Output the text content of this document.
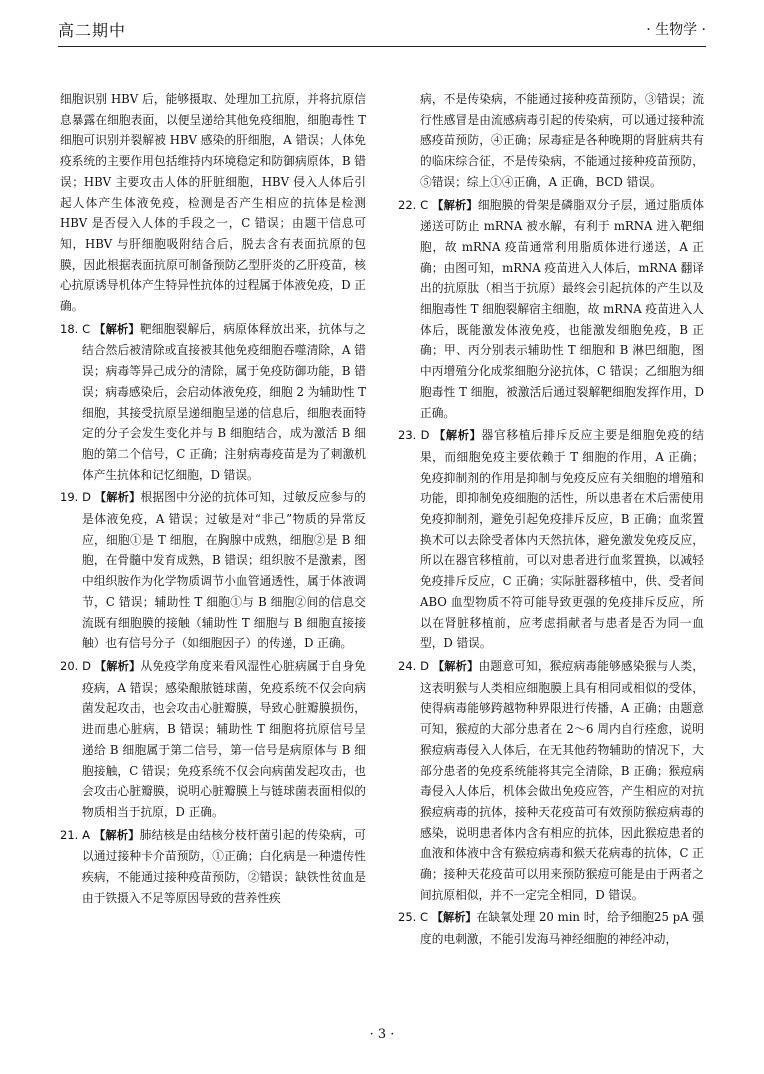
高二期中	· 生物学 ·

细胞识别 HBV 后，能够摄取、处理加工抗原，并将抗原信息暴露在细胞表面，以便呈递给其他免疫细胞，细胞毒性 T 细胞可识别并裂解被 HBV 感染的肝细胞，A 错误；人体免疫系统的主要作用包括维持内环境稳定和防御病原体，B 错误；HBV 主要攻击人体的肝脏细胞，HBV 侵入人体后引起人体产生体液免疫，检测是否产生相应的抗体是检测 HBV 是否侵入人体的手段之一，C 错误；由题干信息可知，HBV 与肝细胞吸附结合后，脱去含有表面抗原的包膜，因此根据表面抗原可制备预防乙型肝炎的乙肝疫苗，核心抗原诱导机体产生特异性抗体的过程属于体液免疫，D 正确。

18. C 【解析】靶细胞裂解后，病原体释放出来，抗体与之结合然后被清除或直接被其他免疫细胞吞噬清除，A 错误；病毒等异己成分的清除，属于免疫防御功能，B 错误；病毒感染后，会启动体液免疫，细胞 2 为辅助性 T 细胞，其接受抗原呈递细胞呈递的信息后，细胞表面特定的分子会发生变化并与 B 细胞结合，成为激活 B 细胞的第二个信号，C 正确；注射病毒疫苗是为了刺激机体产生抗体和记忆细胞，D 错误。

19. D 【解析】根据图中分泌的抗体可知，过敏反应参与的是体液免疫，A 错误；过敏是对“非己”物质的异常反应，细胞①是 T 细胞，在胸腺中成熟，细胞②是 B 细胞，在骨髓中发育成熟，B 错误；组织胺不是激素，图中组织胺作为化学物质调节小血管通透性，属于体液调节，C 错误；辅助性 T 细胞①与 B 细胞②间的信息交流既有细胞膜的接触（辅助性 T 细胞与 B 细胞直接接触）也有信号分子（如细胞因子）的传递，D 正确。

20. D 【解析】从免疫学角度来看风湿性心脏病属于自身免疫病，A 错误；感染酿脓链球菌，免疫系统不仅会向病菌发起攻击，也会攻击心脏瓣膜，导致心脏瓣膜损伤，进而患心脏病，B 错误；辅助性 T 细胞将抗原信号呈递给 B 细胞属于第二信号，第一信号是病原体与 B 细胞接触，C 错误；免疫系统不仅会向病菌发起攻击，也会攻击心脏瓣膜，说明心脏瓣膜上与链球菌表面相似的物质相当于抗原，D 正确。

21. A 【解析】肺结核是由结核分枝杆菌引起的传染病，可以通过接种卡介苗预防，①正确；白化病是一种遗传性疾病，不能通过接种疫苗预防，②错误；缺铁性贫血是由于铁摄入不足等原因导致的营养性疾

病，不是传染病，不能通过接种疫苗预防，③错误；流行性感冒是由流感病毒引起的传染病，可以通过接种流感疫苗预防，④正确；尿毒症是各种晚期的肾脏病共有的临床综合征，不是传染病，不能通过接种疫苗预防，⑤错误；综上①④正确，A 正确，BCD 错误。

22. C 【解析】细胞膜的骨架是磷脂双分子层，通过脂质体递送可防止 mRNA 被水解，有利于 mRNA 进入靶细胞，故 mRNA 疫苗通常利用脂质体进行递送，A 正确；由图可知，mRNA 疫苗进入人体后，mRNA 翻译出的抗原肽（相当于抗原）最终会引起抗体的产生以及细胞毒性 T 细胞裂解宿主细胞，故 mRNA 疫苗进入人体后，既能激发体液免疫，也能激发细胞免疫，B 正确；甲、丙分别表示辅助性 T 细胞和 B 淋巴细胞，图中丙增殖分化成浆细胞分泌抗体，C 错误；乙细胞为细胞毒性 T 细胞，被激活后通过裂解靶细胞发挥作用，D 正确。

23. D 【解析】器官移植后排斥反应主要是细胞免疫的结果，而细胞免疫主要依赖于 T 细胞的作用，A 正确；免疫抑制剂的作用是抑制与免疫反应有关细胞的增殖和功能，即抑制免疫细胞的活性，所以患者在术后需使用免疫抑制剂，避免引起免疫排斥反应，B 正确；血浆置换术可以去除受者体内天然抗体，避免激发免疫反应，所以在器官移植前，可以对患者进行血浆置换，以减轻免疫排斥反应，C 正确；实际脏器移植中，供、受者间 ABO 血型物质不符可能导致更强的免疫排斥反应，所以在肾脏移植前，应考虑捐献者与患者是否为同一血型，D 错误。

24. D 【解析】由题意可知，猴痘病毒能够感染猴与人类，这表明猴与人类相应细胞膜上具有相同或相似的受体，使得病毒能够跨越物种界限进行传播，A 正确；由题意可知，猴痘的大部分患者在 2～6 周内自行痊愈，说明猴痘病毒侵入人体后，在无其他药物辅助的情况下，大部分患者的免疫系统能将其完全清除，B 正确；猴痘病毒侵入人体后，机体会做出免疫应答，产生相应的对抗猴痘病毒的抗体，接种天花疫苗可有效预防猴痘病毒的感染，说明患者体内含有相应的抗体，因此猴痘患者的血液和体液中含有猴痘病毒和猴天花病毒的抗体，C 正确；接种天花疫苗可以用来预防猴痘可能是由于两者之间抗原相似，并不一定完全相同，D 错误。

25. C 【解析】在缺氧处理 20 min 时，给予细胞25 pA 强度的电刺激，不能引发海马神经细胞的神经冲动，

· 3 ·
